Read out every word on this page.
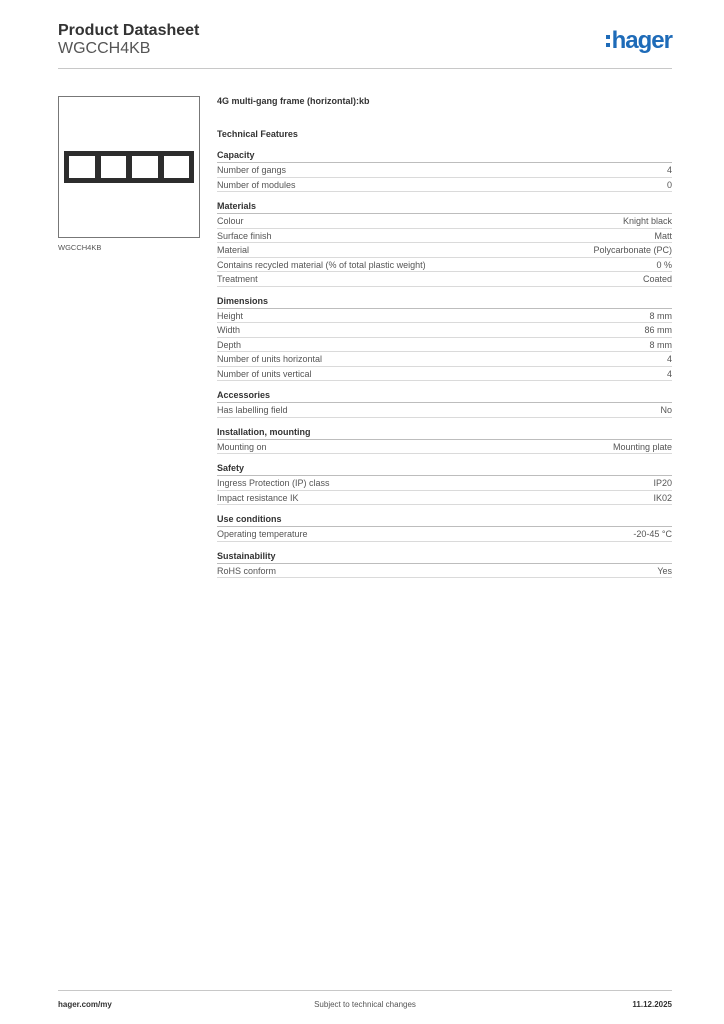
Product Datasheet
WGCCH4KB	hager
WGCCH4KB
4G multi-gang frame (horizontal):kb
Technical Features
Capacity
Number of gangs	4
Number of modules	0
Materials
Colour	Knight black
Surface finish	Matt
Material	Polycarbonate (PC)
Contains recycled material (% of total plastic weight)	0 %
Treatment	Coated
Dimensions
Height	8 mm
Width	86 mm
Depth	8 mm
Number of units horizontal	4
Number of units vertical	4
Accessories
Has labelling field	No
Installation, mounting
Mounting on	Mounting plate
Safety
Ingress Protection (IP) class	IP20
Impact resistance IK	IK02
Use conditions
Operating temperature	-20-45 °C
Sustainability
RoHS conform	Yes
hager.com/my	Subject to technical changes	11.12.2025
